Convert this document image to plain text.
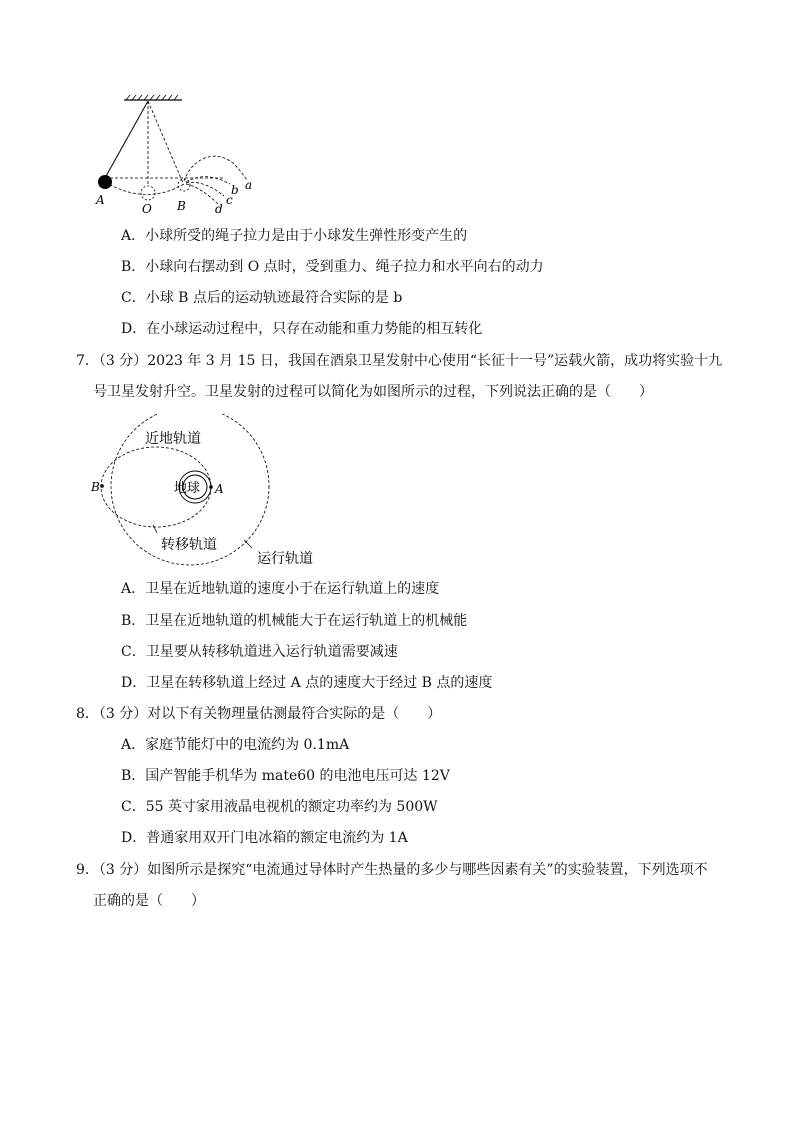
A
O B
a
b
c
d
A．小球所受的绳子拉力是由于小球发生弹性形变产生的
B．小球向右摆动到 O 点时，受到重力、绳子拉力和水平向右的动力
C．小球 B 点后的运动轨迹最符合实际的是 b
D．在小球运动过程中，只存在动能和重力势能的相互转化
7．（3 分）2023 年 3 月 15 日，我国在酒泉卫星发射中心使用“长征十一号”运载火箭，成功将实验十九
号卫星发射升空。卫星发射的过程可以简化为如图所示的过程，下列说法正确的是（　　）
近地轨道
地球 A
B
转移轨道
运行轨道
A．卫星在近地轨道的速度小于在运行轨道上的速度
B．卫星在近地轨道的机械能大于在运行轨道上的机械能
C．卫星要从转移轨道进入运行轨道需要减速
D．卫星在转移轨道上经过 A 点的速度大于经过 B 点的速度
8．（3 分）对以下有关物理量估测最符合实际的是（　　）
A．家庭节能灯中的电流约为 0.1mA
B．国产智能手机华为 mate60 的电池电压可达 12V
C．55 英寸家用液晶电视机的额定功率约为 500W
D．普通家用双开门电冰箱的额定电流约为 1A
9．（3 分）如图所示是探究“电流通过导体时产生热量的多少与哪些因素有关”的实验装置，下列选项不
正确的是（　　）
